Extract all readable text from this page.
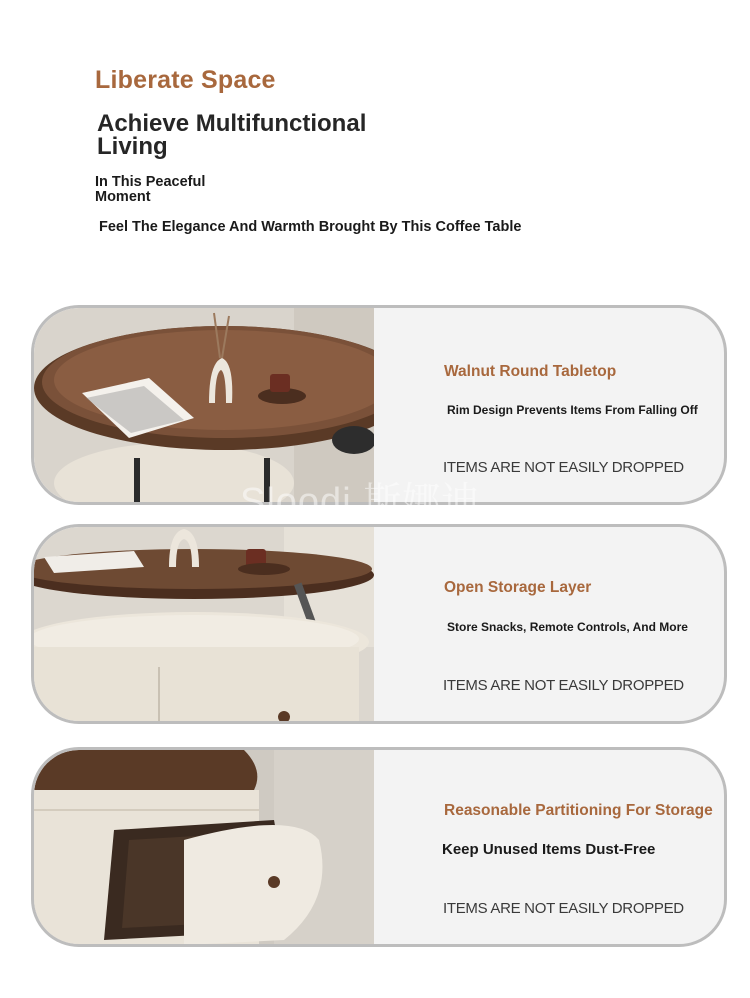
Liberate Space
Achieve Multifunctional Living

In This Peaceful Moment

Feel The Elegance And Warmth Brought By This Coffee Table

Walnut Round Tabletop

Rim Design Prevents Items From Falling Off

ITEMS ARE NOT EASILY DROPPED

Sloodi 斯娜迪

Open Storage Layer

Store Snacks, Remote Controls, And More

ITEMS ARE NOT EASILY DROPPED

Reasonable Partitioning For Storage

Keep Unused Items Dust-Free

ITEMS ARE NOT EASILY DROPPED
